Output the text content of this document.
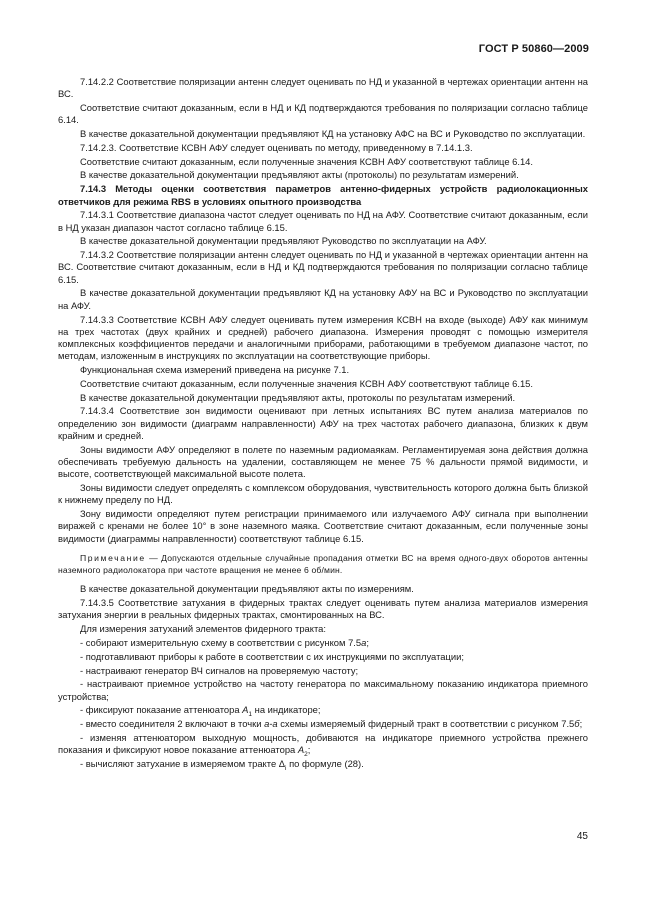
ГОСТ Р 50860—2009

7.14.2.2 Соответствие поляризации антенн следует оценивать по НД и указанной в чертежах ориентации антенн на ВС.

Соответствие считают доказанным, если в НД и КД подтверждаются требования по поляризации согласно таблице 6.14.

В качестве доказательной документации предъявляют КД на установку АФС на ВС и Руководство по эксплуатации.

7.14.2.3. Соответствие КСВН АФУ следует оценивать по методу, приведенному в 7.14.1.3.

Соответствие считают доказанным, если полученные значения КСВН АФУ соответствуют таблице 6.14.

В качестве доказательной документации предъявляют акты (протоколы) по результатам измерений.

7.14.3 Методы оценки соответствия параметров антенно-фидерных устройств радиолокационных ответчиков для режима RBS в условиях опытного производства

7.14.3.1 Соответствие диапазона частот следует оценивать по НД на АФУ. Соответствие считают доказанным, если в НД указан диапазон частот согласно таблице 6.15.

В качестве доказательной документации предъявляют Руководство по эксплуатации на АФУ.

7.14.3.2 Соответствие поляризации антенн следует оценивать по НД и указанной в чертежах ориентации антенн на ВС. Соответствие считают доказанным, если в НД и КД подтверждаются требования по поляризации согласно таблице 6.15.

В качестве доказательной документации предъявляют КД на установку АФУ на ВС и Руководство по эксплуатации на АФУ.

7.14.3.3 Соответствие КСВН АФУ следует оценивать путем измерения КСВН на входе (выходе) АФУ как минимум на трех частотах (двух крайних и средней) рабочего диапазона. Измерения проводят с помощью измерителя комплексных коэффициентов передачи и аналогичными приборами, работающими в требуемом диапазоне частот, по методам, изложенным в инструкциях по эксплуатации на соответствующие приборы.

Функциональная схема измерений приведена на рисунке 7.1.

Соответствие считают доказанным, если полученные значения КСВН АФУ соответствуют таблице 6.15.

В качестве доказательной документации предъявляют акты, протоколы по результатам измерений.

7.14.3.4 Соответствие зон видимости оценивают при летных испытаниях ВС путем анализа материалов по определению зон видимости (диаграмм направленности) АФУ на трех частотах рабочего диапазона, близких к двум крайним и средней.

Зоны видимости АФУ определяют в полете по наземным радиомаякам. Регламентируемая зона действия должна обеспечивать требуемую дальность на удалении, составляющем не менее 75 % дальности прямой видимости, и высоте, соответствующей максимальной высоте полета.

Зоны видимости следует определять с комплексом оборудования, чувствительность которого должна быть близкой к нижнему пределу по НД.

Зону видимости определяют путем регистрации принимаемого или излучаемого АФУ сигнала при выполнении виражей с кренами не более 10° в зоне наземного маяка. Соответствие считают доказанным, если полученные зоны видимости (диаграммы направленности) соответствуют таблице 6.15.

Примечание — Допускаются отдельные случайные пропадания отметки ВС на время одного-двух оборотов антенны наземного радиолокатора при частоте вращения не менее 6 об/мин.

В качестве доказательной документации предъявляют акты по измерениям.

7.14.3.5 Соответствие затухания в фидерных трактах следует оценивать путем анализа материалов измерения затухания энергии в реальных фидерных трактах, смонтированных на ВС.

Для измерения затуханий элементов фидерного тракта:

- собирают измерительную схему в соответствии с рисунком 7.5а;

- подготавливают приборы к работе в соответствии с их инструкциями по эксплуатации;

- настраивают генератор ВЧ сигналов на проверяемую частоту;

- настраивают приемное устройство на частоту генератора по максимальному показанию индикатора приемного устройства;

- фиксируют показание аттенюатора $A_1$ на индикаторе;

- вместо соединителя 2 включают в точки а-а схемы измеряемый фидерный тракт в соответствии с рисунком 7.5б;

- изменяя аттенюатором выходную мощность, добиваются на индикаторе приемного устройства прежнего показания и фиксируют новое показание аттенюатора $A_2$;

- вычисляют затухание в измеряемом тракте $\Delta_i$ по формуле (28).

45
